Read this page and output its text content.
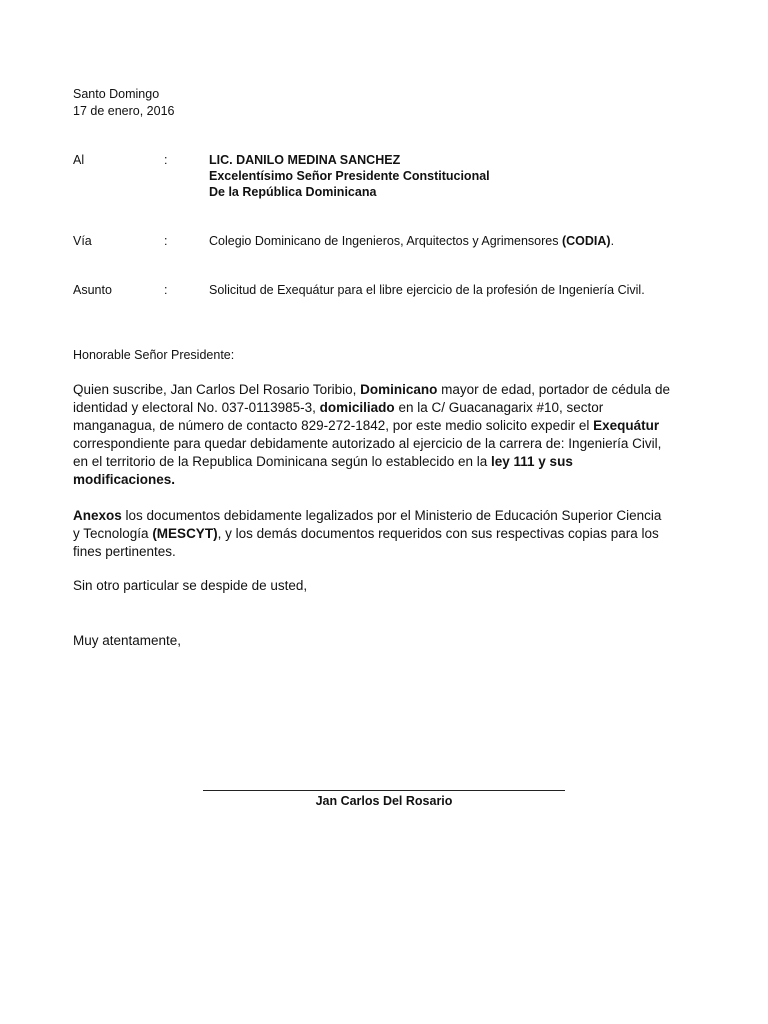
Santo Domingo
17 de enero, 2016
Al	:	LIC. DANILO MEDINA SANCHEZ
Excelentísimo Señor Presidente Constitucional
De la República Dominicana
Vía	:	Colegio Dominicano de Ingenieros, Arquitectos y Agrimensores (CODIA).
Asunto	:	Solicitud de Exequátur para el libre ejercicio de la profesión de Ingeniería Civil.
Honorable Señor Presidente:
Quien suscribe, Jan Carlos Del Rosario Toribio, Dominicano mayor de edad, portador de cédula de
identidad y electoral No. 037-0113985-3, domiciliado en la C/ Guacanagarix #10, sector
manganagua, de número de contacto 829-272-1842, por este medio solicito expedir el Exequátur
correspondiente para quedar debidamente autorizado al ejercicio de la carrera de: Ingeniería Civil,
en el territorio de la Republica Dominicana según lo establecido en la ley 111 y sus
modificaciones.
Anexos los documentos debidamente legalizados por el Ministerio de Educación Superior Ciencia
y Tecnología (MESCYT), y los demás documentos requeridos con sus respectivas copias para los
fines pertinentes.
Sin otro particular se despide de usted,
Muy atentamente,
Jan Carlos Del Rosario
